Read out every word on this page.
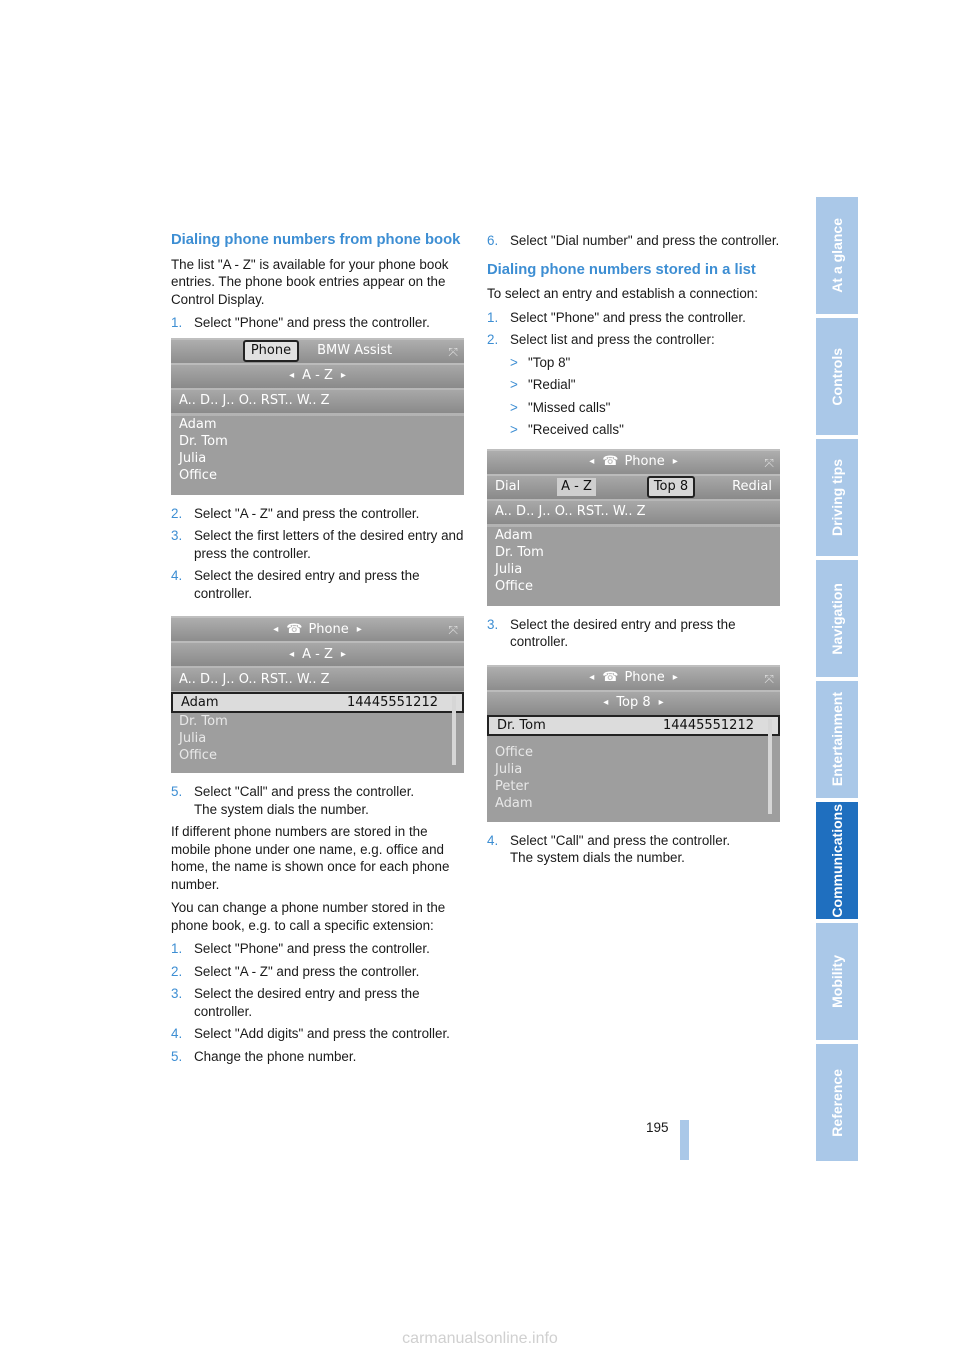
Dialing phone numbers from phone book

The list "A - Z" is available for your phone book entries. The phone book entries appear on the Control Display.

1. Select "Phone" and press the controller.
Phone	BMW Assist	⤧
◂ A - Z ▸
A.. D.. J.. O.. RST.. W.. Z
Adam
Dr. Tom
Julia
Office
2. Select "A - Z" and press the controller.
3. Select the first letters of the desired entry and press the controller.
4. Select the desired entry and press the controller.
◂ ☎ Phone ▸	⤧
◂ A - Z ▸
A.. D.. J.. O.. RST.. W.. Z
Adam	14445551212
Dr. Tom
Julia
Office
5. Select "Call" and press the controller.
The system dials the number.

If different phone numbers are stored in the mobile phone under one name, e.g. office and home, the name is shown once for each phone number.

You can change a phone number stored in the phone book, e.g. to call a specific extension:

1. Select "Phone" and press the controller.
2. Select "A - Z" and press the controller.
3. Select the desired entry and press the controller.
4. Select "Add digits" and press the controller.
5. Change the phone number.
6. Select "Dial number" and press the controller.
Dialing phone numbers stored in a list

To select an entry and establish a connection:

1. Select "Phone" and press the controller.
2. Select list and press the controller:
> "Top 8"
> "Redial"
> "Missed calls"
> "Received calls"
◂ ☎ Phone ▸	⤧
Dial	A - Z	Top 8	Redial
A.. D.. J.. O.. RST.. W.. Z
Adam
Dr. Tom
Julia
Office
3. Select the desired entry and press the controller.
◂ ☎ Phone ▸	⤧
◂ Top 8 ▸
Dr. Tom	14445551212
Office
Julia
Peter
Adam
4. Select "Call" and press the controller.
The system dials the number.
At a glance
Controls
Driving tips
Navigation
Entertainment
Communications
Mobility
Reference
195
carmanualsonline.info
